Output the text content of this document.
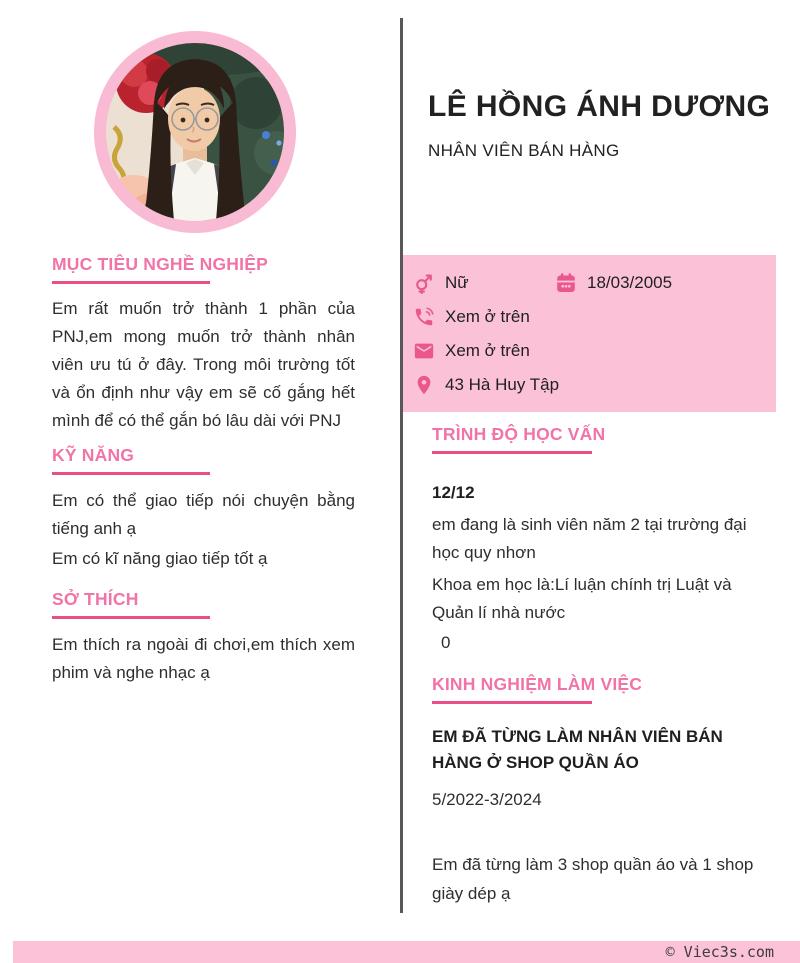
LÊ HỒNG ÁNH DƯƠNG
NHÂN VIÊN BÁN HÀNG
Nữ	18/03/2005
Xem ở trên
Xem ở trên
43 Hà Huy Tập
MỤC TIÊU NGHỀ NGHIỆP

Em rất muốn trở thành 1 phần của PNJ,em mong muốn trở thành nhân viên ưu tú ở đây. Trong môi trường tốt và ổn định như vậy em sẽ cố gắng hết mình để có thể gắn bó lâu dài với PNJ

KỸ NĂNG

Em có thể giao tiếp nói chuyện bằng tiếng anh ạ

Em có kĩ năng giao tiếp tốt ạ

SỞ THÍCH

Em thích ra ngoài đi chơi,em thích xem phim và nghe nhạc ạ

TRÌNH ĐỘ HỌC VẤN

12/12

em đang là sinh viên năm 2 tại trường đại học quy nhơn

Khoa em học là:Lí luận chính trị Luật và Quản lí nhà nước

0

KINH NGHIỆM LÀM VIỆC

EM ĐÃ TỪNG LÀM NHÂN VIÊN BÁN HÀNG Ở SHOP QUẦN ÁO

5/2022-3/2024

Em đã từng làm 3 shop quần áo và 1 shop giày dép ạ

© Viec3s.com
